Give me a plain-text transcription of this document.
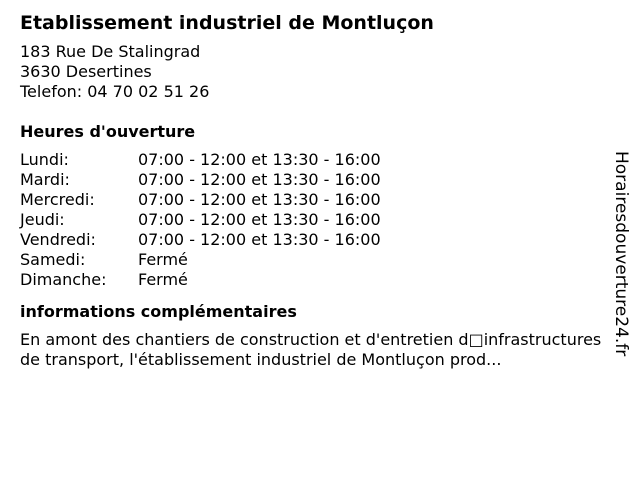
Etablissement industriel de Montluçon
183 Rue De Stalingrad
3630 Desertines
Telefon: 04 70 02 51 26
Heures d'ouverture
Lundi:	07:00 - 12:00 et 13:30 - 16:00
Mardi:	07:00 - 12:00 et 13:30 - 16:00
Mercredi:	07:00 - 12:00 et 13:30 - 16:00
Jeudi:	07:00 - 12:00 et 13:30 - 16:00
Vendredi:	07:00 - 12:00 et 13:30 - 16:00
Samedi:	Fermé
Dimanche:	Fermé
informations complémentaires
En amont des chantiers de construction et d'entretien d□infrastructures de transport, l'établissement industriel de Montluçon prod...
Horairesdouverture24.fr
